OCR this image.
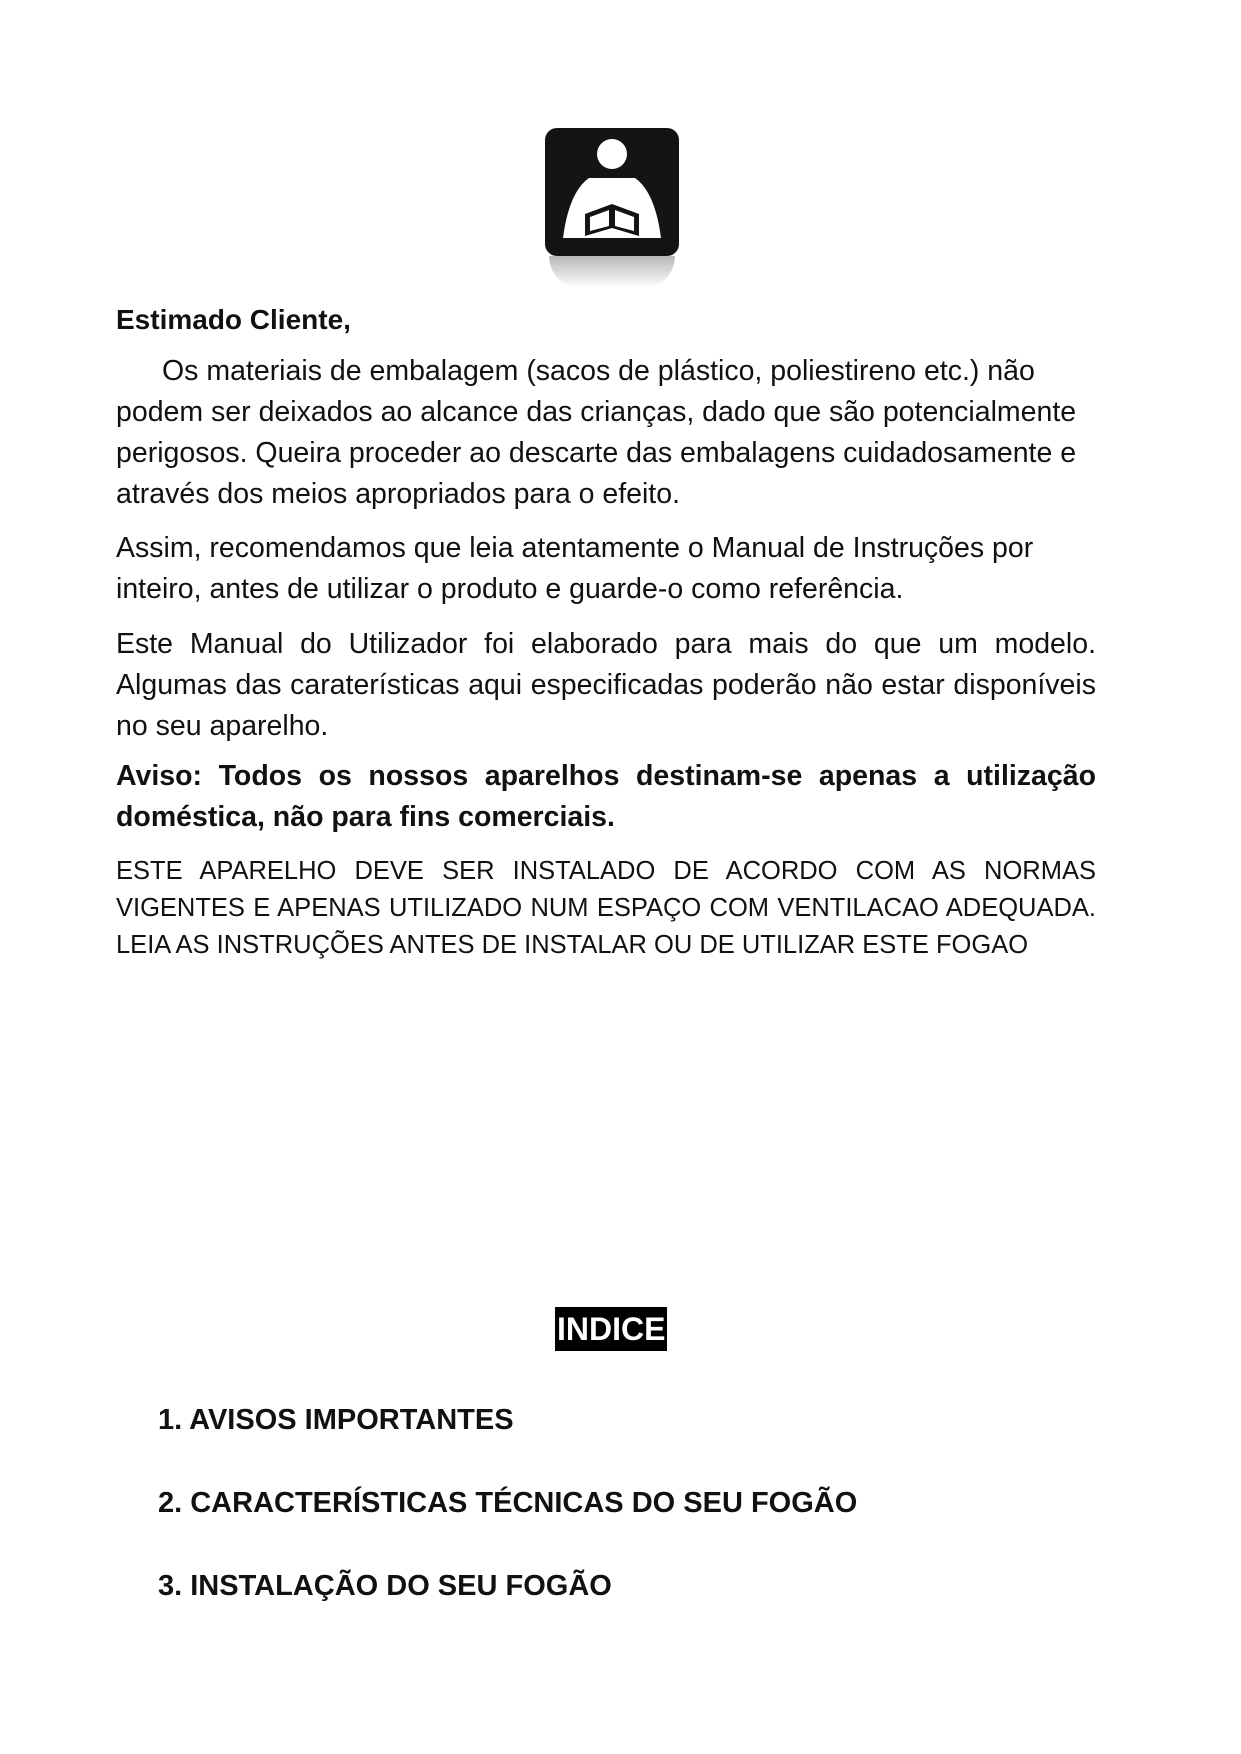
Estimado Cliente,

Os materiais de embalagem (sacos de plástico, poliestireno etc.) não podem ser deixados ao alcance das crianças, dado que são potencialmente perigosos. Queira proceder ao descarte das embalagens cuidadosamente e através dos meios apropriados para o efeito.

Assim, recomendamos que leia atentamente o Manual de Instruções por inteiro, antes de utilizar o produto e guarde-o como referência.

Este Manual do Utilizador foi elaborado para mais do que um modelo. Algumas das caraterísticas aqui especificadas poderão não estar disponíveis no seu aparelho.

Aviso: Todos os nossos aparelhos destinam-se apenas a utilização doméstica, não para fins comerciais.

ESTE APARELHO DEVE SER INSTALADO DE ACORDO COM AS NORMAS VIGENTES E APENAS UTILIZADO NUM ESPAÇO COM VENTILACAO ADEQUADA. LEIA AS INSTRUÇÕES ANTES DE INSTALAR OU DE UTILIZAR ESTE FOGAO

INDICE
1. AVISOS IMPORTANTES
2. CARACTERÍSTICAS TÉCNICAS DO SEU FOGÃO
3. INSTALAÇÃO DO SEU FOGÃO
